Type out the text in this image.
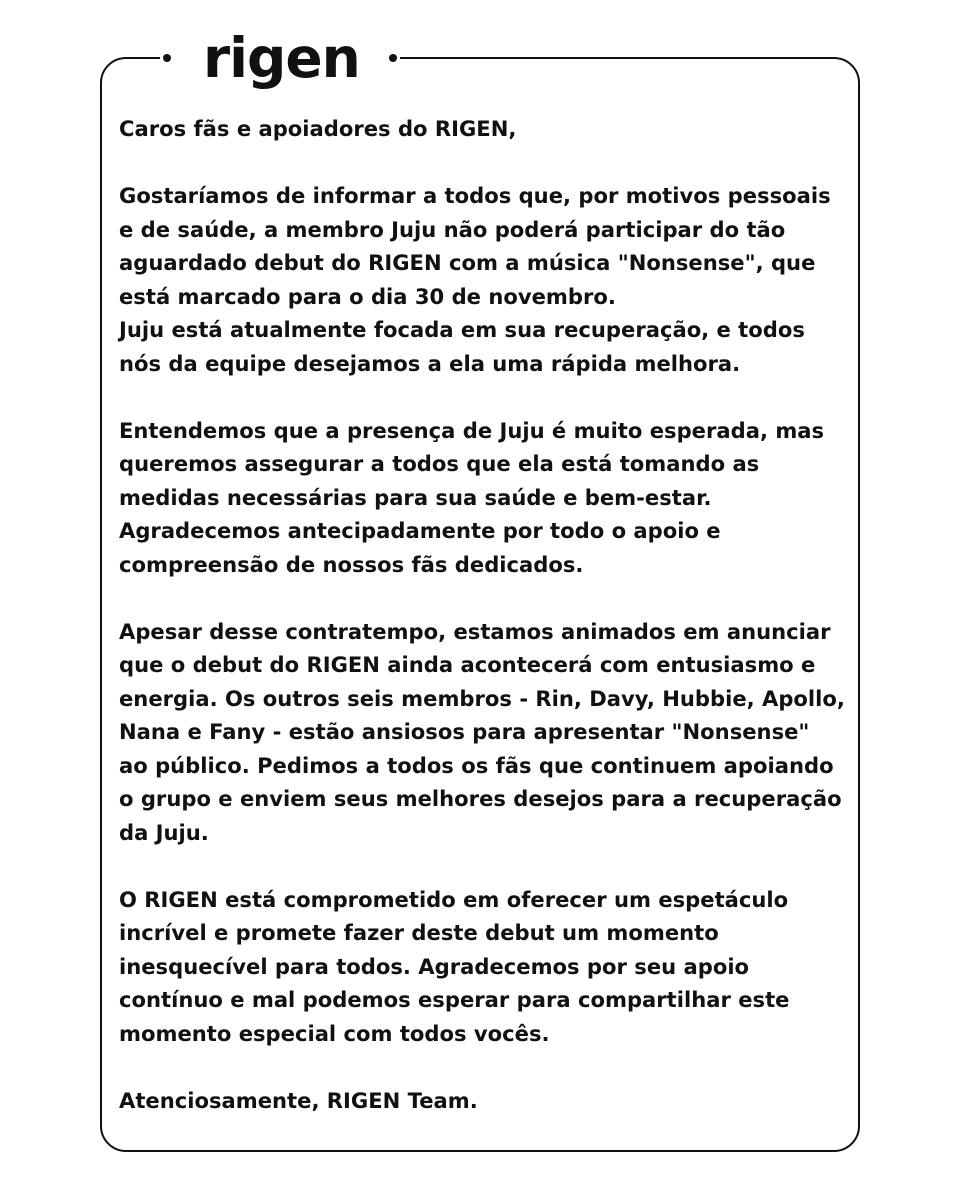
rigen

Caros fãs e apoiadores do RIGEN,

Gostaríamos de informar a todos que, por motivos pessoais
e de saúde, a membro Juju não poderá participar do tão
aguardado debut do RIGEN com a música "Nonsense", que
está marcado para o dia 30 de novembro.
Juju está atualmente focada em sua recuperação, e todos
nós da equipe desejamos a ela uma rápida melhora.

Entendemos que a presença de Juju é muito esperada, mas
queremos assegurar a todos que ela está tomando as
medidas necessárias para sua saúde e bem-estar.
Agradecemos antecipadamente por todo o apoio e
compreensão de nossos fãs dedicados.

Apesar desse contratempo, estamos animados em anunciar
que o debut do RIGEN ainda acontecerá com entusiasmo e
energia. Os outros seis membros - Rin, Davy, Hubbie, Apollo,
Nana e Fany - estão ansiosos para apresentar "Nonsense"
ao público. Pedimos a todos os fãs que continuem apoiando
o grupo e enviem seus melhores desejos para a recuperação
da Juju.

O RIGEN está comprometido em oferecer um espetáculo
incrível e promete fazer deste debut um momento
inesquecível para todos. Agradecemos por seu apoio
contínuo e mal podemos esperar para compartilhar este
momento especial com todos vocês.

Atenciosamente, RIGEN Team.
